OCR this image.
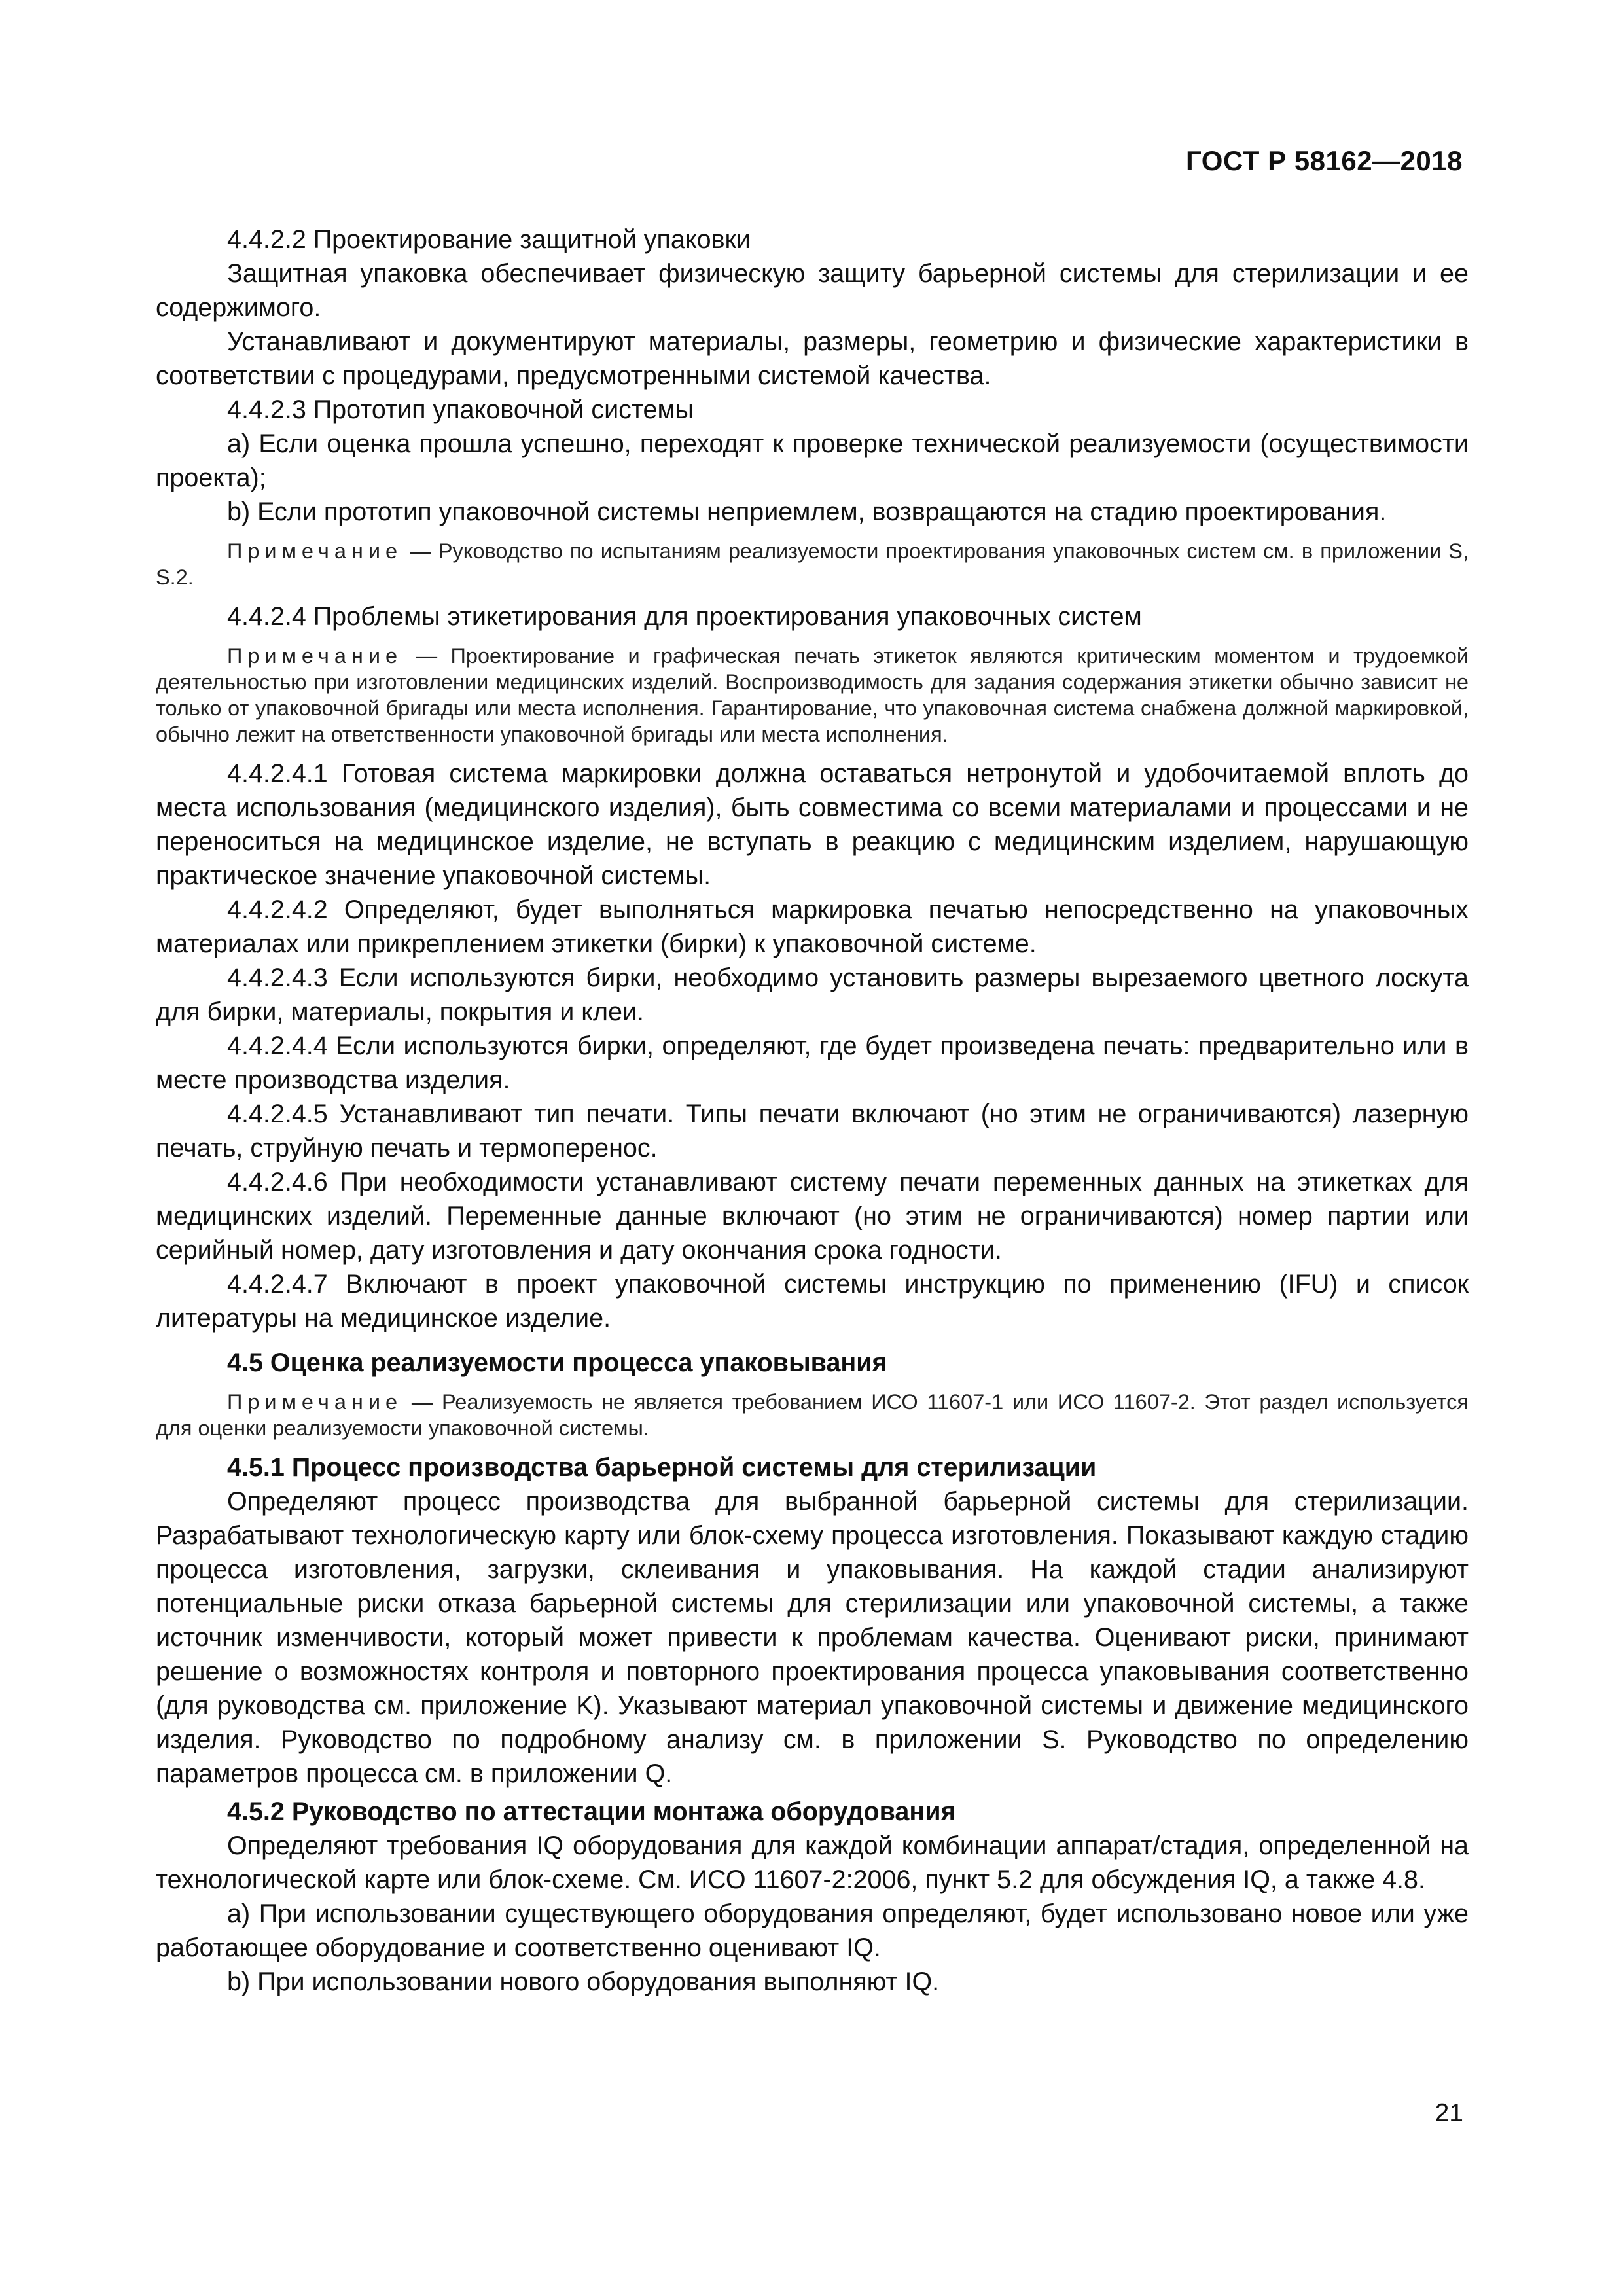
ГОСТ Р 58162—2018

4.4.2.2 Проектирование защитной упаковки

Защитная упаковка обеспечивает физическую защиту барьерной системы для стерилизации и ее содержимого.

Устанавливают и документируют материалы, размеры, геометрию и физические характеристики в соответствии с процедурами, предусмотренными системой качества.

4.4.2.3 Прототип упаковочной системы

a) Если оценка прошла успешно, переходят к проверке технической реализуемости (осуществимости проекта);

b) Если прототип упаковочной системы неприемлем, возвращаются на стадию проектирования.

Примечание — Руководство по испытаниям реализуемости проектирования упаковочных систем см. в приложении S, S.2.

4.4.2.4 Проблемы этикетирования для проектирования упаковочных систем

Примечание — Проектирование и графическая печать этикеток являются критическим моментом и трудоемкой деятельностью при изготовлении медицинских изделий. Воспроизводимость для задания содержания этикетки обычно зависит не только от упаковочной бригады или места исполнения. Гарантирование, что упаковочная система снабжена должной маркировкой, обычно лежит на ответственности упаковочной бригады или места исполнения.

4.4.2.4.1 Готовая система маркировки должна оставаться нетронутой и удобочитаемой вплоть до места использования (медицинского изделия), быть совместима со всеми материалами и процессами и не переноситься на медицинское изделие, не вступать в реакцию с медицинским изделием, нарушающую практическое значение упаковочной системы.

4.4.2.4.2 Определяют, будет выполняться маркировка печатью непосредственно на упаковочных материалах или прикреплением этикетки (бирки) к упаковочной системе.

4.4.2.4.3 Если используются бирки, необходимо установить размеры вырезаемого цветного лоскута для бирки, материалы, покрытия и клеи.

4.4.2.4.4 Если используются бирки, определяют, где будет произведена печать: предварительно или в месте производства изделия.

4.4.2.4.5 Устанавливают тип печати. Типы печати включают (но этим не ограничиваются) лазерную печать, струйную печать и термоперенос.

4.4.2.4.6 При необходимости устанавливают систему печати переменных данных на этикетках для медицинских изделий. Переменные данные включают (но этим не ограничиваются) номер партии или серийный номер, дату изготовления и дату окончания срока годности.

4.4.2.4.7 Включают в проект упаковочной системы инструкцию по применению (IFU) и список литературы на медицинское изделие.

4.5 Оценка реализуемости процесса упаковывания

Примечание — Реализуемость не является требованием ИСО 11607-1 или ИСО 11607-2. Этот раздел используется для оценки реализуемости упаковочной системы.

4.5.1 Процесс производства барьерной системы для стерилизации

Определяют процесс производства для выбранной барьерной системы для стерилизации. Разрабатывают технологическую карту или блок-схему процесса изготовления. Показывают каждую стадию процесса изготовления, загрузки, склеивания и упаковывания. На каждой стадии анализируют потенциальные риски отказа барьерной системы для стерилизации или упаковочной системы, а также источник изменчивости, который может привести к проблемам качества. Оценивают риски, принимают решение о возможностях контроля и повторного проектирования процесса упаковывания соответственно (для руководства см. приложение K). Указывают материал упаковочной системы и движение медицинского изделия. Руководство по подробному анализу см. в приложении S. Руководство по определению параметров процесса см. в приложении Q.

4.5.2 Руководство по аттестации монтажа оборудования

Определяют требования IQ оборудования для каждой комбинации аппарат/стадия, определенной на технологической карте или блок-схеме. См. ИСО 11607-2:2006, пункт 5.2 для обсуждения IQ, а также 4.8.

a) При использовании существующего оборудования определяют, будет использовано новое или уже работающее оборудование и соответственно оценивают IQ.

b) При использовании нового оборудования выполняют IQ.

21
